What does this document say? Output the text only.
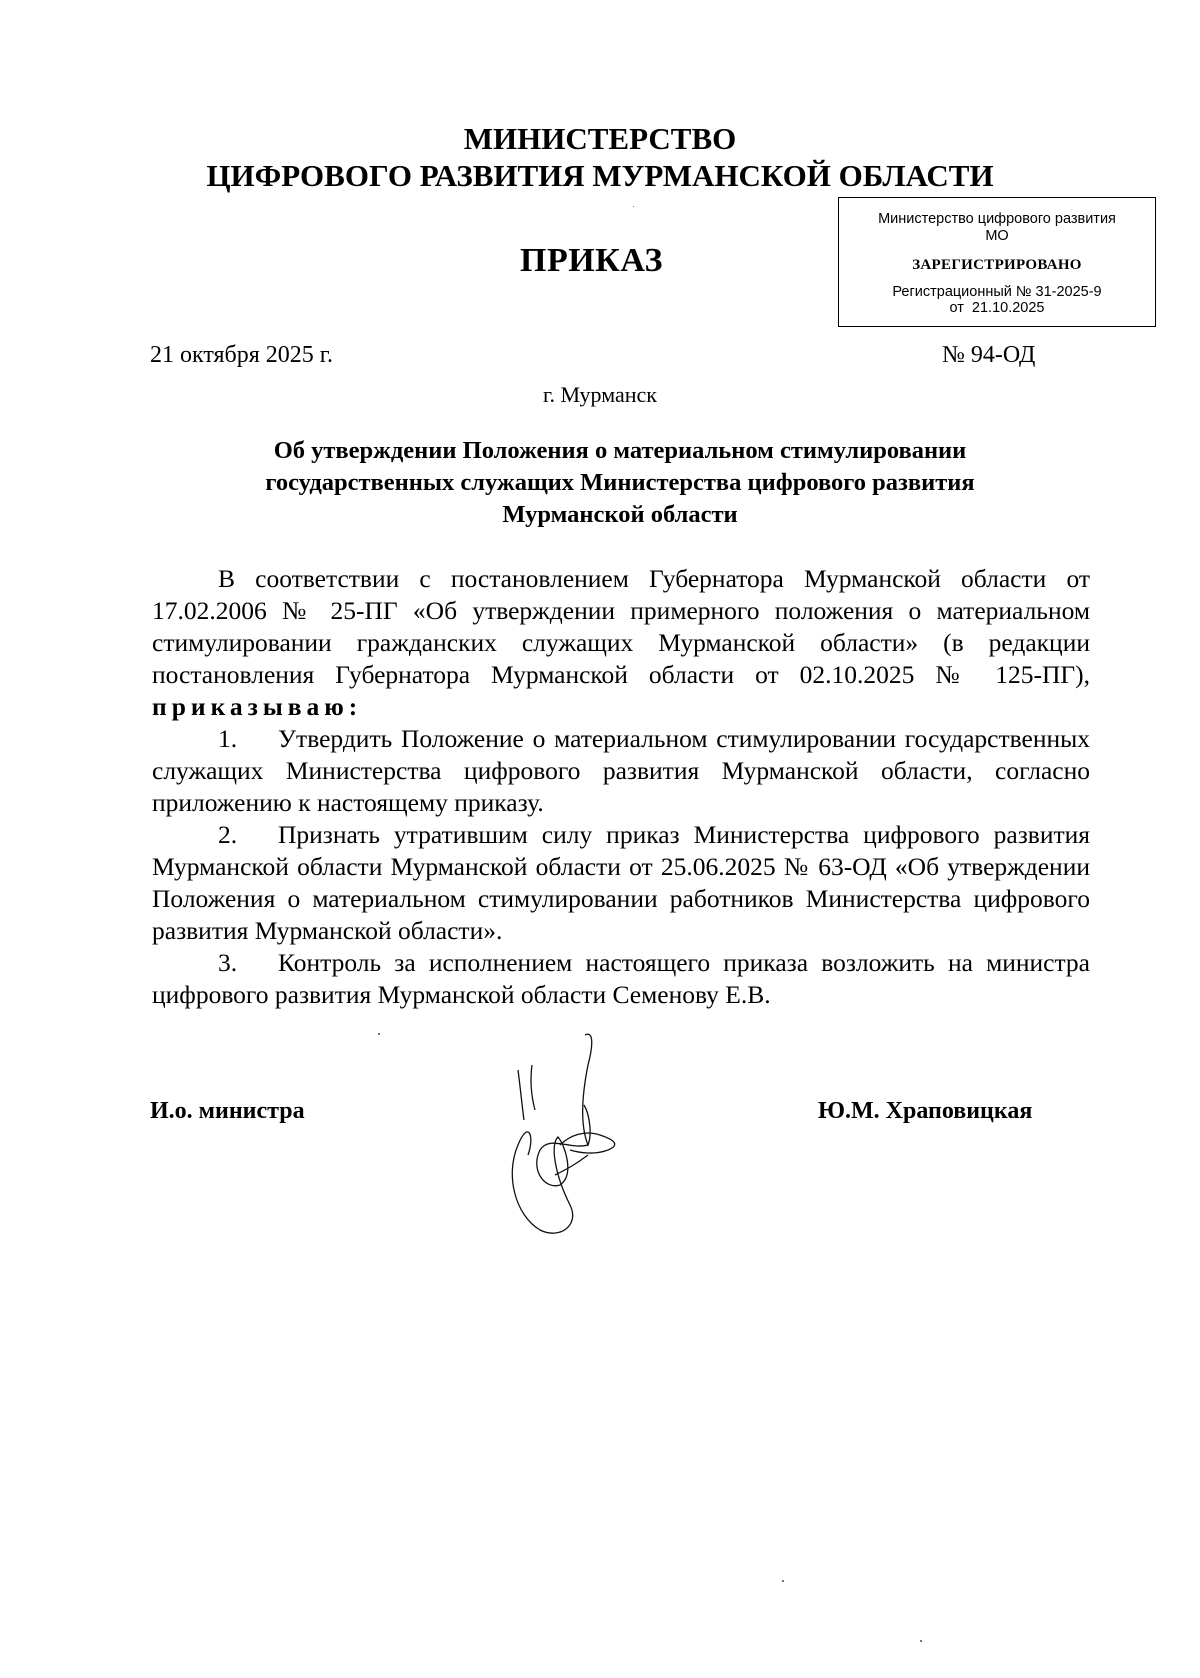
МИНИСТЕРСТВО
ЦИФРОВОГО РАЗВИТИЯ МУРМАНСКОЙ ОБЛАСТИ
ПРИКАЗ
Министерство цифрового развития
МО
ЗАРЕГИСТРИРОВАНО
Регистрационный № 31-2025-9
от  21.10.2025
21 октября 2025 г.	№ 94-ОД
г. Мурманск
Об утверждении Положения о материальном стимулировании
государственных служащих Министерства цифрового развития
Мурманской области

В соответствии с постановлением Губернатора Мурманской области от 17.02.2006 № 25-ПГ «Об утверждении примерного положения о материальном стимулировании гражданских служащих Мурманской области» (в редакции постановления Губернатора Мурманской области от 02.10.2025 № 125-ПГ), приказываю:

1. Утвердить Положение о материальном стимулировании государственных служащих Министерства цифрового развития Мурманской области, согласно приложению к настоящему приказу.

2. Признать утратившим силу приказ Министерства цифрового развития Мурманской области Мурманской области от 25.06.2025 № 63-ОД «Об утверждении Положения о материальном стимулировании работников Министерства цифрового развития Мурманской области».

3. Контроль за исполнением настоящего приказа возложить на министра цифрового развития Мурманской области Семенову Е.В.

И.о. министра	Ю.М. Храповицкая
